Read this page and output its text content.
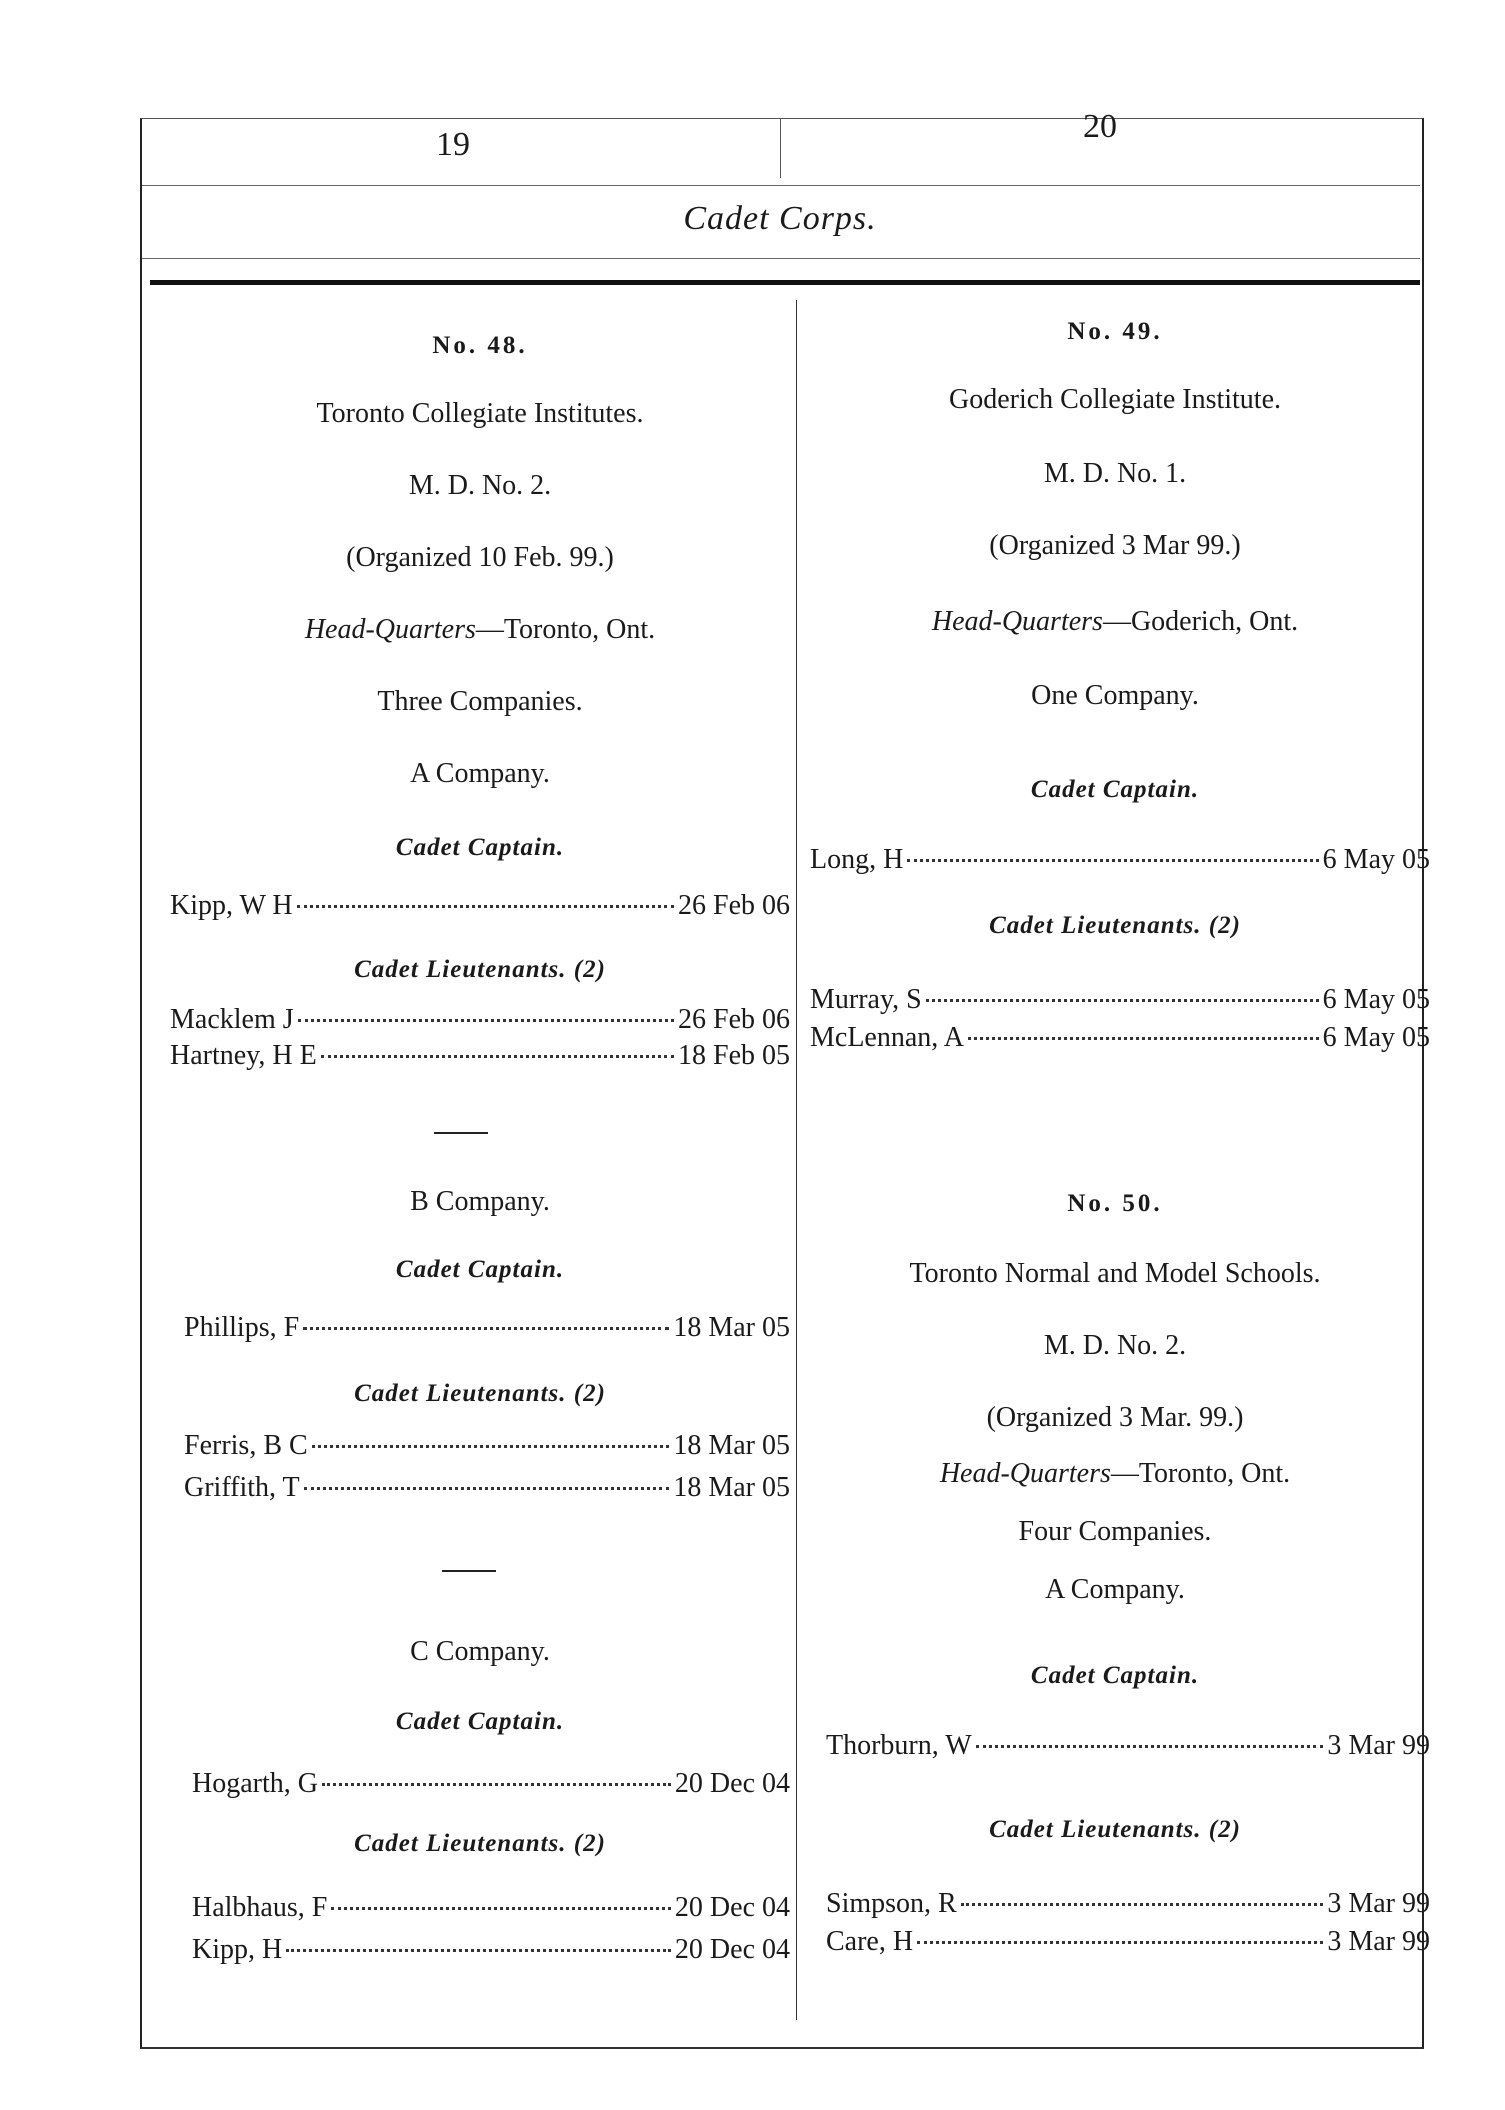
19	20
Cadet Corps.
No. 48.
Toronto Collegiate Institutes.
M. D. No. 2.
(Organized 10 Feb. 99.)
Head-Quarters—Toronto, Ont.
Three Companies.
A Company.
Cadet Captain.
Kipp, W H	26 Feb 06
Cadet Lieutenants. (2)
Macklem J	26 Feb 06
Hartney, H E	18 Feb 05
B Company.
Cadet Captain.
Phillips, F	18 Mar 05
Cadet Lieutenants. (2)
Ferris, B C	18 Mar 05
Griffith, T	18 Mar 05
C Company.
Cadet Captain.
Hogarth, G	20 Dec 04
Cadet Lieutenants. (2)
Halbhaus, F	20 Dec 04
Kipp, H	20 Dec 04
No. 49.
Goderich Collegiate Institute.
M. D. No. 1.
(Organized 3 Mar 99.)
Head-Quarters—Goderich, Ont.
One Company.
Cadet Captain.
Long, H	6 May 05
Cadet Lieutenants. (2)
Murray, S	6 May 05
McLennan, A	6 May 05
No. 50.
Toronto Normal and Model Schools.
M. D. No. 2.
(Organized 3 Mar. 99.)
Head-Quarters—Toronto, Ont.
Four Companies.
A Company.
Cadet Captain.
Thorburn, W	3 Mar 99
Cadet Lieutenants. (2)
Simpson, R	3 Mar 99
Care, H	3 Mar 99
